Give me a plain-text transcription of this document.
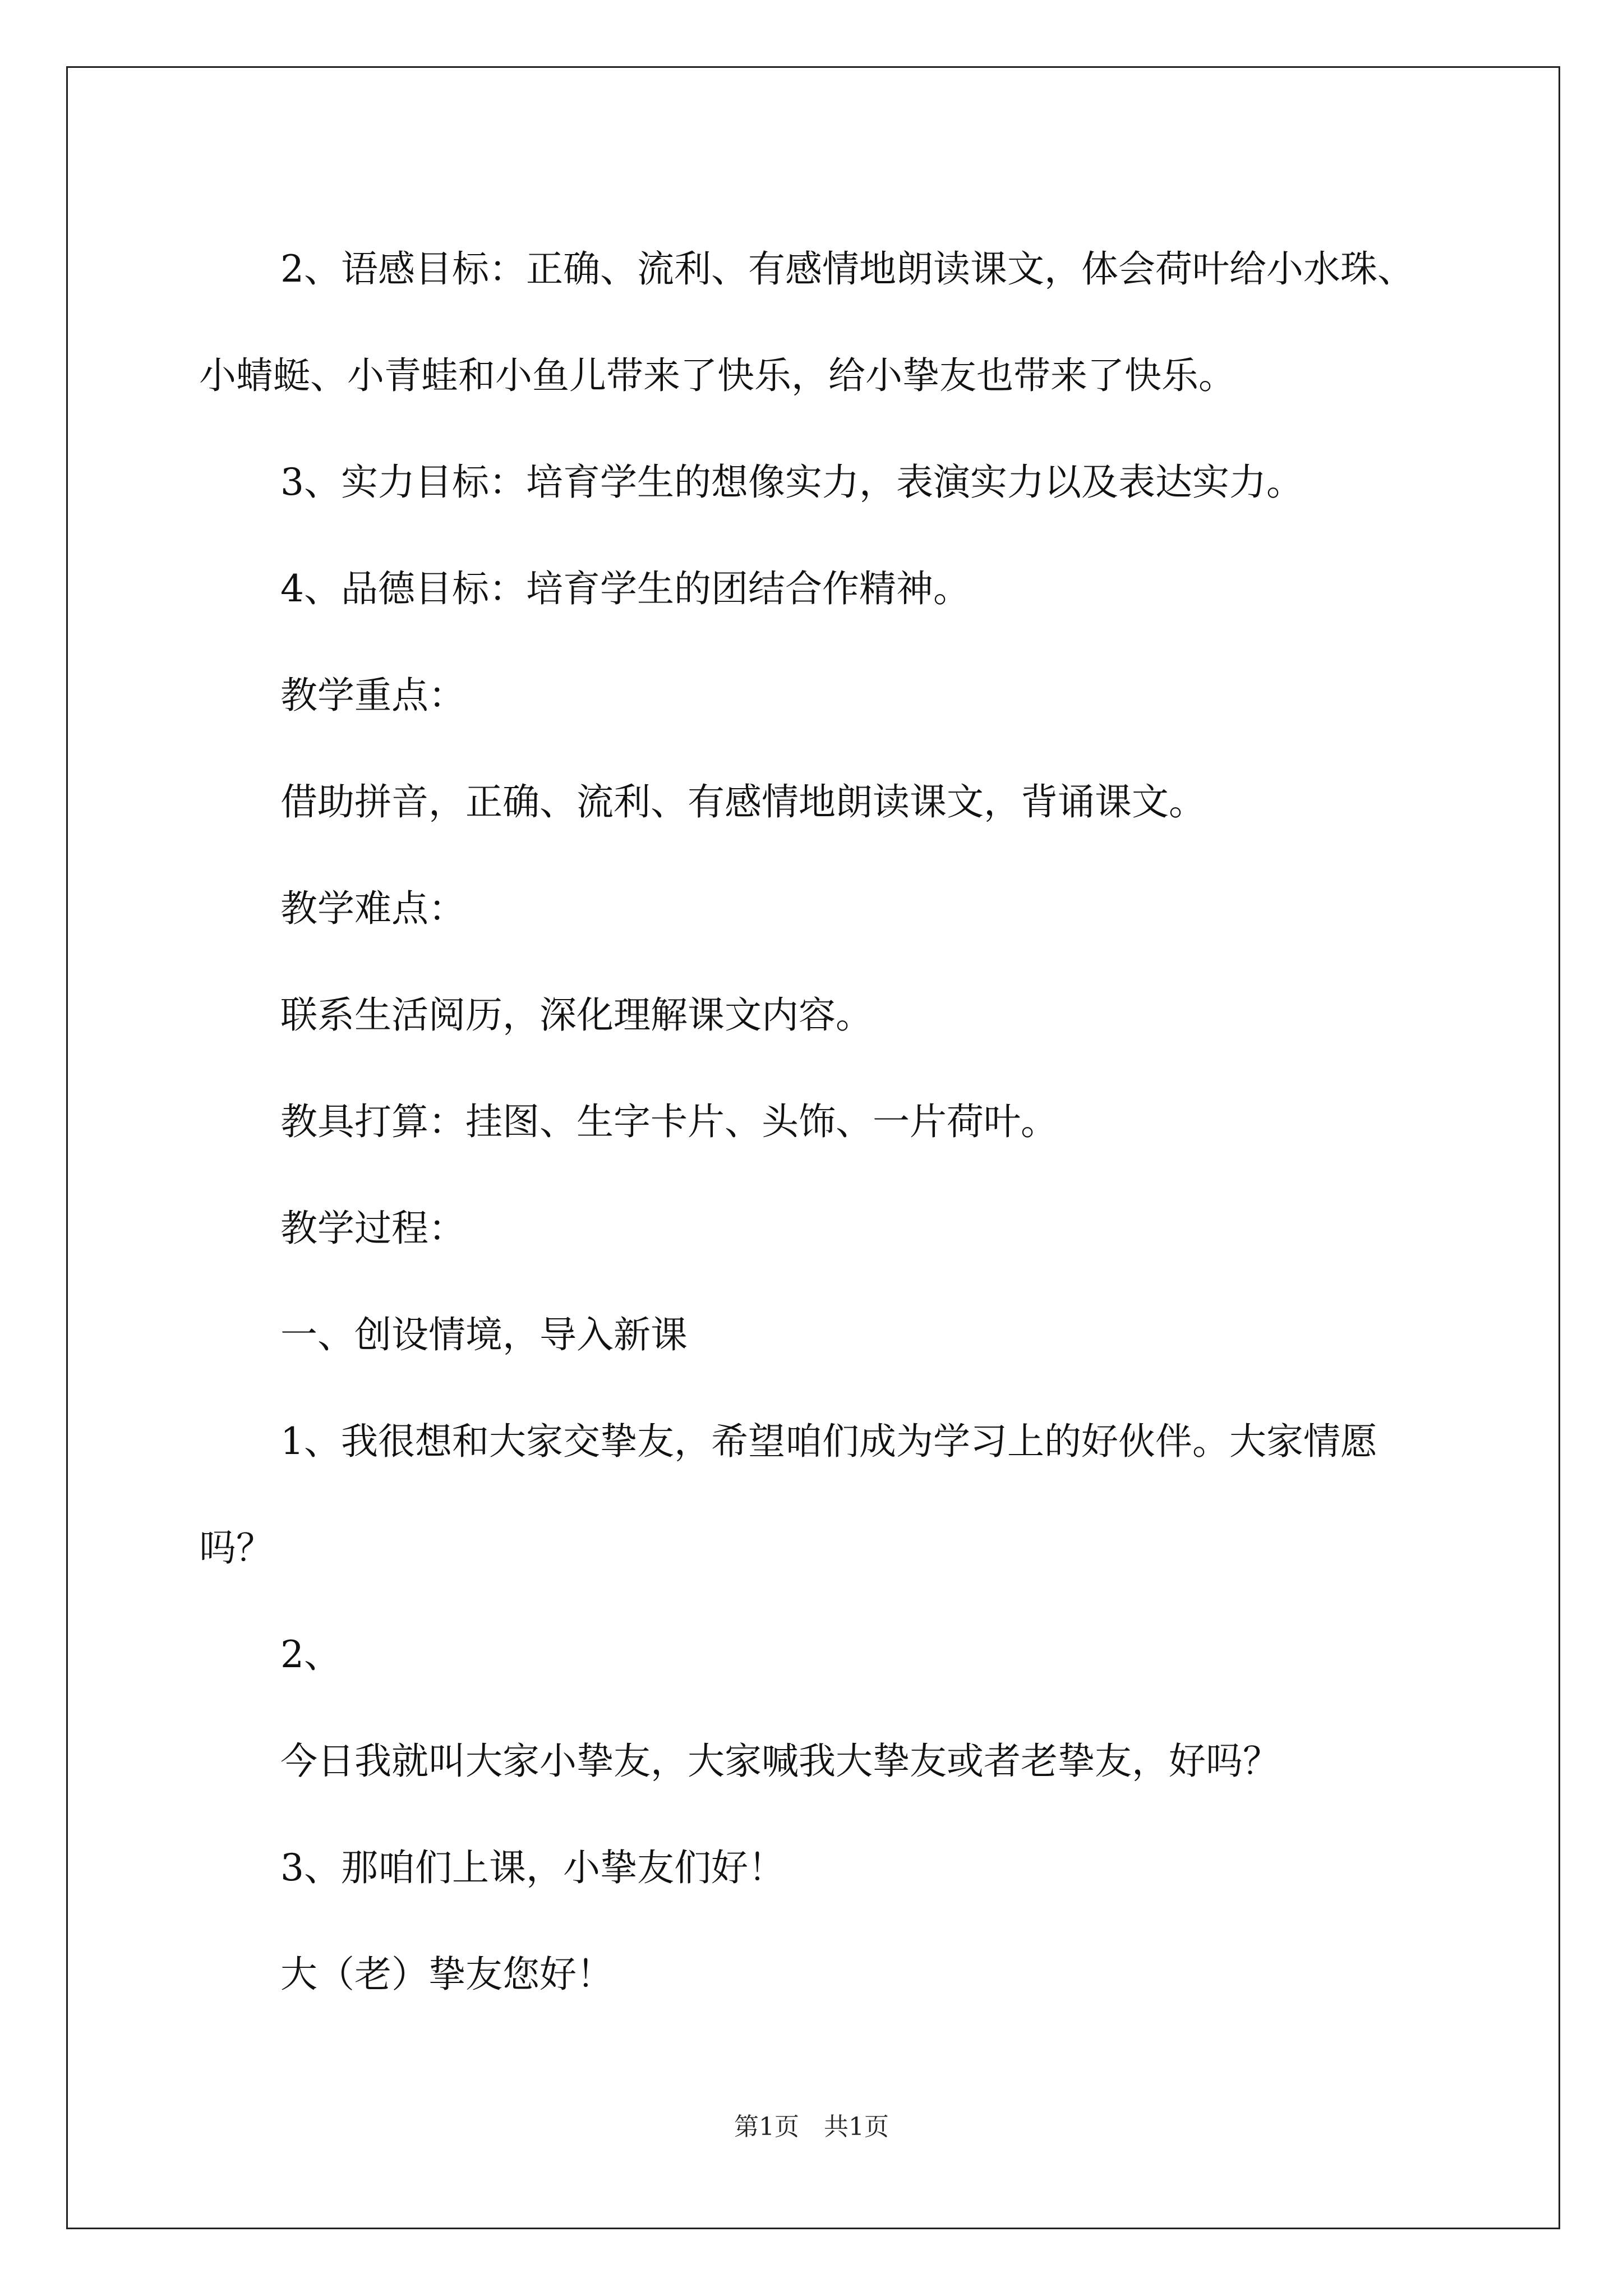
2、语感目标：正确、流利、有感情地朗读课文，体会荷叶给小水珠、小蜻蜓、小青蛙和小鱼儿带来了快乐，给小挚友也带来了快乐。

3、实力目标：培育学生的想像实力，表演实力以及表达实力。

4、品德目标：培育学生的团结合作精神。

教学重点：

借助拼音，正确、流利、有感情地朗读课文，背诵课文。

教学难点：

联系生活阅历，深化理解课文内容。

教具打算：挂图、生字卡片、头饰、一片荷叶。

教学过程：

一、创设情境，导入新课

1、我很想和大家交挚友，希望咱们成为学习上的好伙伴。大家情愿吗？

2、

今日我就叫大家小挚友，大家喊我大挚友或者老挚友，好吗？

3、那咱们上课，小挚友们好！

大（老）挚友您好！

第1页　共1页
